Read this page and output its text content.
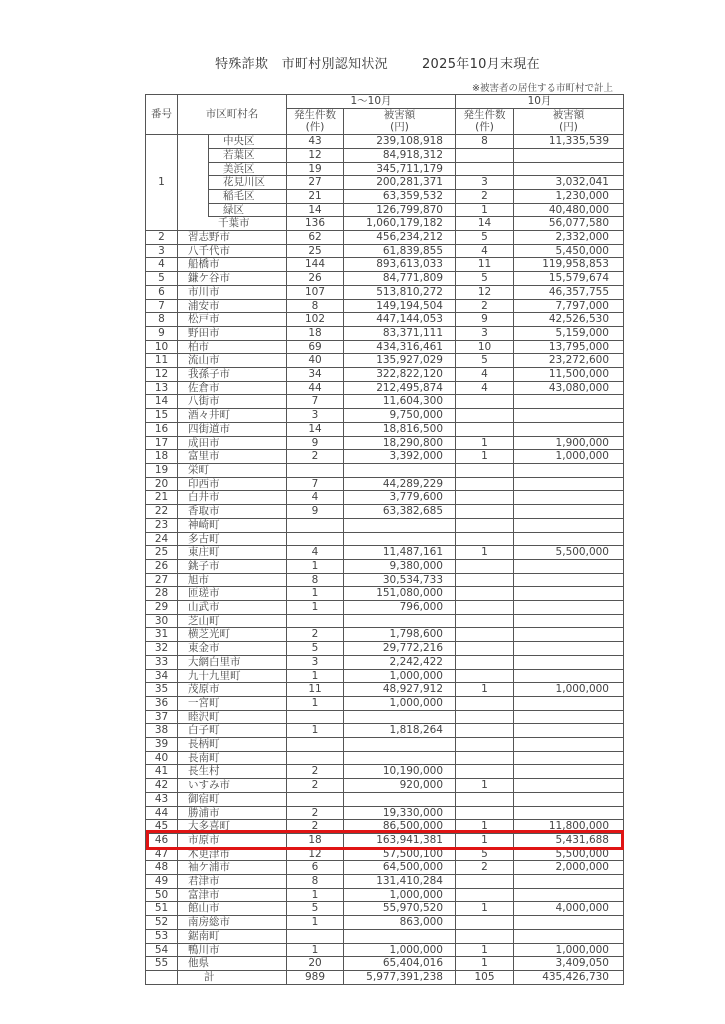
特殊詐欺　市町村別認知状況	2025年10月末現在
※被害者の居住する市町村で計上
番号	市区町村名		1～10月		10月	
			発生件数	被害額	発生件数	被害額
			(件)	(円)	(件)	(円)
1		中央区	43	239,108,918	8	11,335,539
		若葉区	12	84,918,312		
		美浜区	19	345,711,179		
		花見川区	27	200,281,371	3	3,032,041
		稲毛区	21	63,359,532	2	1,230,000
		緑区	14	126,799,870	1	40,480,000
	千葉市		136	1,060,179,182	14	56,077,580
2	習志野市		62	456,234,212	5	2,332,000
3	八千代市		25	61,839,855	4	5,450,000
4	船橋市		144	893,613,033	11	119,958,853
5	鎌ケ谷市		26	84,771,809	5	15,579,674
6	市川市		107	513,810,272	12	46,357,755
7	浦安市		8	149,194,504	2	7,797,000
8	松戸市		102	447,144,053	9	42,526,530
9	野田市		18	83,371,111	3	5,159,000
10	柏市		69	434,316,461	10	13,795,000
11	流山市		40	135,927,029	5	23,272,600
12	我孫子市		34	322,822,120	4	11,500,000
13	佐倉市		44	212,495,874	4	43,080,000
14	八街市		7	11,604,300		
15	酒々井町		3	9,750,000		
16	四街道市		14	18,816,500		
17	成田市		9	18,290,800	1	1,900,000
18	富里市		2	3,392,000	1	1,000,000
19	栄町					
20	印西市		7	44,289,229		
21	白井市		4	3,779,600		
22	香取市		9	63,382,685		
23	神崎町					
24	多古町					
25	東庄町		4	11,487,161	1	5,500,000
26	銚子市		1	9,380,000		
27	旭市		8	30,534,733		
28	匝瑳市		1	151,080,000		
29	山武市		1	796,000		
30	芝山町					
31	横芝光町		2	1,798,600		
32	東金市		5	29,772,216		
33	大網白里市		3	2,242,422		
34	九十九里町		1	1,000,000		
35	茂原市		11	48,927,912	1	1,000,000
36	一宮町		1	1,000,000		
37	睦沢町					
38	白子町		1	1,818,264		
39	長柄町					
40	長南町					
41	長生村		2	10,190,000		
42	いすみ市		2	920,000	1	
43	御宿町					
44	勝浦市		2	19,330,000		
45	大多喜町		2	86,500,000	1	11,800,000
46	市原市		18	163,941,381	1	5,431,688
47	木更津市		12	57,500,100	5	5,500,000
48	袖ケ浦市		6	64,500,000	2	2,000,000
49	君津市		8	131,410,284		
50	富津市		1	1,000,000		
51	館山市		5	55,970,520	1	4,000,000
52	南房総市		1	863,000		
53	鋸南町					
54	鴨川市		1	1,000,000	1	1,000,000
55	他県		20	65,404,016	1	3,409,050
	計		989	5,977,391,238	105	435,426,730
